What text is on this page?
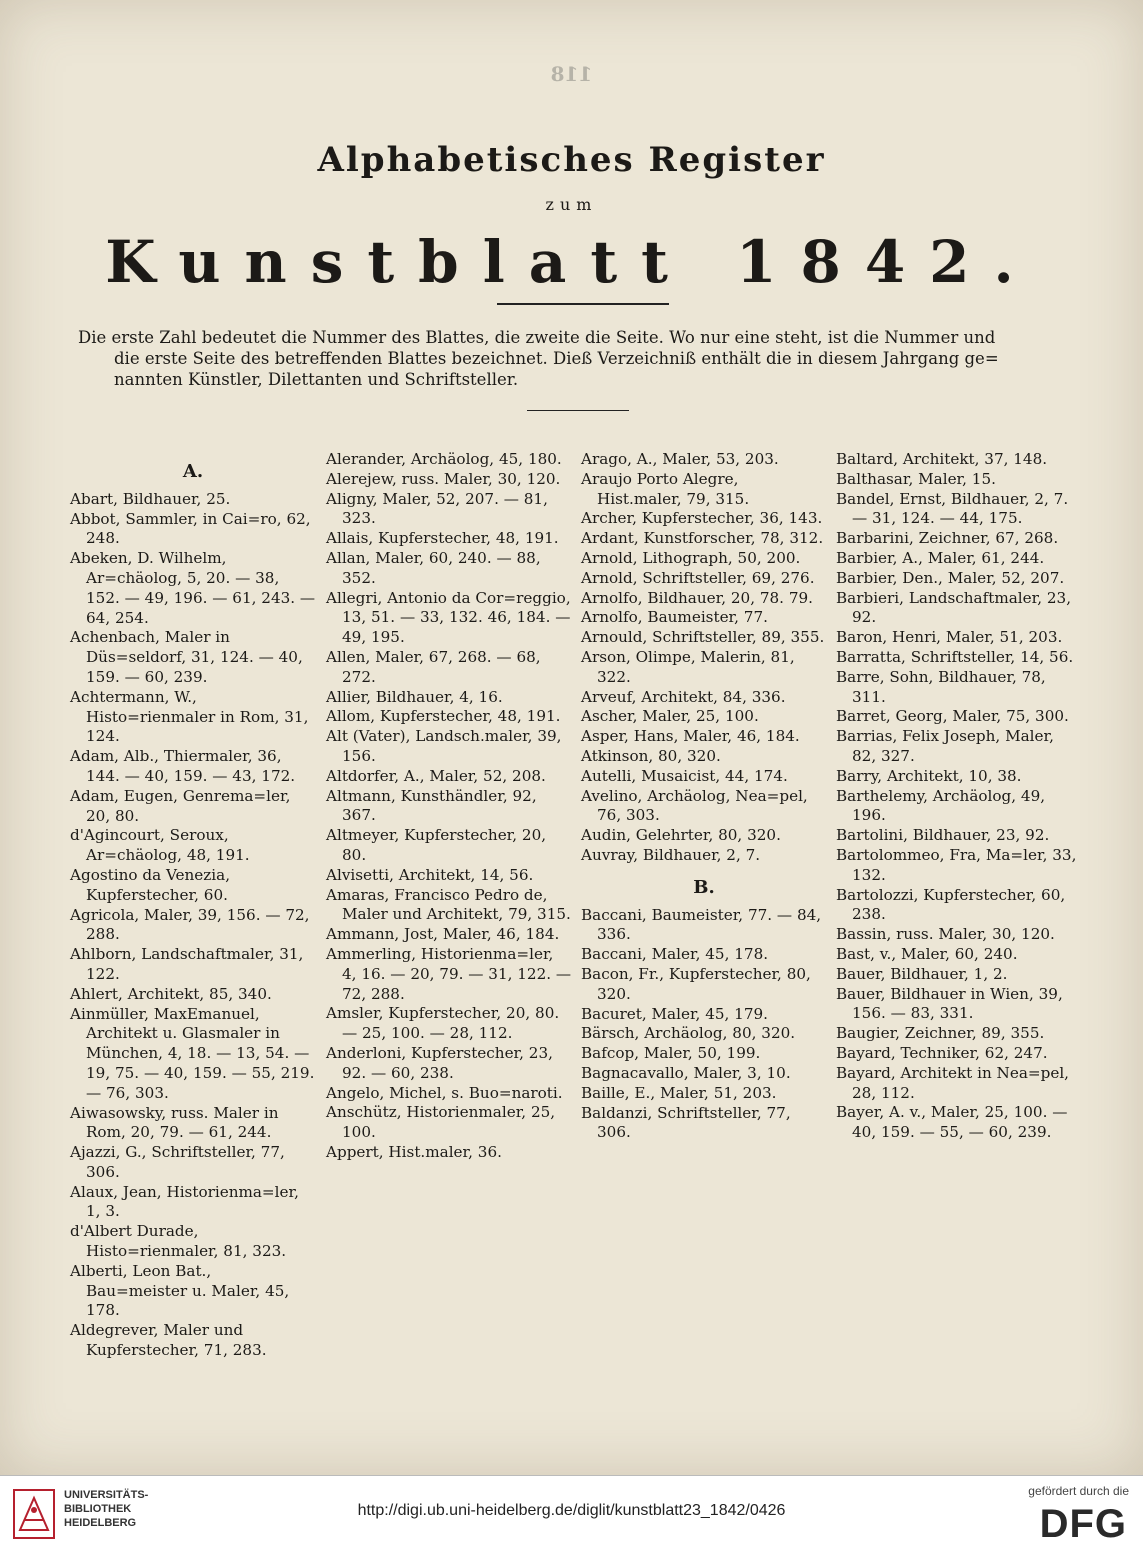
118
Alphabetisches Register
zum
Kunstblatt 1842.
Die erste Zahl bedeutet die Nummer des Blattes, die zweite die Seite. Wo nur eine steht, ist die Nummer und
die erste Seite des betreffenden Blattes bezeichnet. Dieß Verzeichniß enthält die in diesem Jahrgang ge=
nannten Künstler, Dilettanten und Schriftsteller.
A.

Abart, Bildhauer, 25.

Abbot, Sammler, in Cai=ro, 62, 248.

Abeken, D. Wilhelm, Ar=chäolog, 5, 20. — 38, 152. — 49, 196. — 61, 243. — 64, 254.

Achenbach, Maler in Düs=seldorf, 31, 124. — 40, 159. — 60, 239.

Achtermann, W., Histo=rienmaler in Rom, 31, 124.

Adam, Alb., Thiermaler, 36, 144. — 40, 159. — 43, 172.

Adam, Eugen, Genrema=ler, 20, 80.

d'Agincourt, Seroux, Ar=chäolog, 48, 191.

Agostino da Venezia, Kupferstecher, 60.

Agricola, Maler, 39, 156. — 72, 288.

Ahlborn, Landschaftmaler, 31, 122.

Ahlert, Architekt, 85, 340.

Ainmüller, MaxEmanuel, Architekt u. Glasmaler in München, 4, 18. — 13, 54. — 19, 75. — 40, 159. — 55, 219. — 76, 303.

Aiwasowsky, russ. Maler in Rom, 20, 79. — 61, 244.

Ajazzi, G., Schriftsteller, 77, 306.

Alaux, Jean, Historienma=ler, 1, 3.

d'Albert Durade, Histo=rienmaler, 81, 323.

Alberti, Leon Bat., Bau=meister u. Maler, 45, 178.

Aldegrever, Maler und Kupferstecher, 71, 283.

Alerander, Archäolog, 45, 180.

Alerejew, russ. Maler, 30, 120.

Aligny, Maler, 52, 207. — 81, 323.

Allais, Kupferstecher, 48, 191.

Allan, Maler, 60, 240. — 88, 352.

Allegri, Antonio da Cor=reggio, 13, 51. — 33, 132. 46, 184. — 49, 195.

Allen, Maler, 67, 268. — 68, 272.

Allier, Bildhauer, 4, 16.

Allom, Kupferstecher, 48, 191.

Alt (Vater), Landsch.maler, 39, 156.

Altdorfer, A., Maler, 52, 208.

Altmann, Kunsthändler, 92, 367.

Altmeyer, Kupferstecher, 20, 80.

Alvisetti, Architekt, 14, 56.

Amaras, Francisco Pedro de, Maler und Architekt, 79, 315.

Ammann, Jost, Maler, 46, 184.

Ammerling, Historienma=ler, 4, 16. — 20, 79. — 31, 122. — 72, 288.

Amsler, Kupferstecher, 20, 80. — 25, 100. — 28, 112.

Anderloni, Kupferstecher, 23, 92. — 60, 238.

Angelo, Michel, s. Buo=naroti.

Anschütz, Historienmaler, 25, 100.

Appert, Hist.maler, 36.

Arago, A., Maler, 53, 203.

Araujo Porto Alegre, Hist.maler, 79, 315.

Archer, Kupferstecher, 36, 143.

Ardant, Kunstforscher, 78, 312.

Arnold, Lithograph, 50, 200.

Arnold, Schriftsteller, 69, 276.

Arnolfo, Bildhauer, 20, 78. 79.

Arnolfo, Baumeister, 77.

Arnould, Schriftsteller, 89, 355.

Arson, Olimpe, Malerin, 81, 322.

Arveuf, Architekt, 84, 336.

Ascher, Maler, 25, 100.

Asper, Hans, Maler, 46, 184.

Atkinson, 80, 320.

Autelli, Musaicist, 44, 174.

Avelino, Archäolog, Nea=pel, 76, 303.

Audin, Gelehrter, 80, 320.

Auvray, Bildhauer, 2, 7.

B.

Baccani, Baumeister, 77. — 84, 336.

Baccani, Maler, 45, 178.

Bacon, Fr., Kupferstecher, 80, 320.

Bacuret, Maler, 45, 179.

Bärsch, Archäolog, 80, 320.

Bafcop, Maler, 50, 199.

Bagnacavallo, Maler, 3, 10.

Baille, E., Maler, 51, 203.

Baldanzi, Schriftsteller, 77, 306.

Baltard, Architekt, 37, 148.

Balthasar, Maler, 15.

Bandel, Ernst, Bildhauer, 2, 7. — 31, 124. — 44, 175.

Barbarini, Zeichner, 67, 268.

Barbier, A., Maler, 61, 244.

Barbier, Den., Maler, 52, 207.

Barbieri, Landschaftmaler, 23, 92.

Baron, Henri, Maler, 51, 203.

Barratta, Schriftsteller, 14, 56.

Barre, Sohn, Bildhauer, 78, 311.

Barret, Georg, Maler, 75, 300.

Barrias, Felix Joseph, Maler, 82, 327.

Barry, Architekt, 10, 38.

Barthelemy, Archäolog, 49, 196.

Bartolini, Bildhauer, 23, 92.

Bartolommeo, Fra, Ma=ler, 33, 132.

Bartolozzi, Kupferstecher, 60, 238.

Bassin, russ. Maler, 30, 120.

Bast, v., Maler, 60, 240.

Bauer, Bildhauer, 1, 2.

Bauer, Bildhauer in Wien, 39, 156. — 83, 331.

Baugier, Zeichner, 89, 355.

Bayard, Techniker, 62, 247.

Bayard, Architekt in Nea=pel, 28, 112.

Bayer, A. v., Maler, 25, 100. — 40, 159. — 55, — 60, 239.

UNIVERSITÄTS-
BIBLIOTHEK
HEIDELBERG
http://digi.ub.uni-heidelberg.de/diglit/kunstblatt23_1842/0426
gefördert durch die
DFG
